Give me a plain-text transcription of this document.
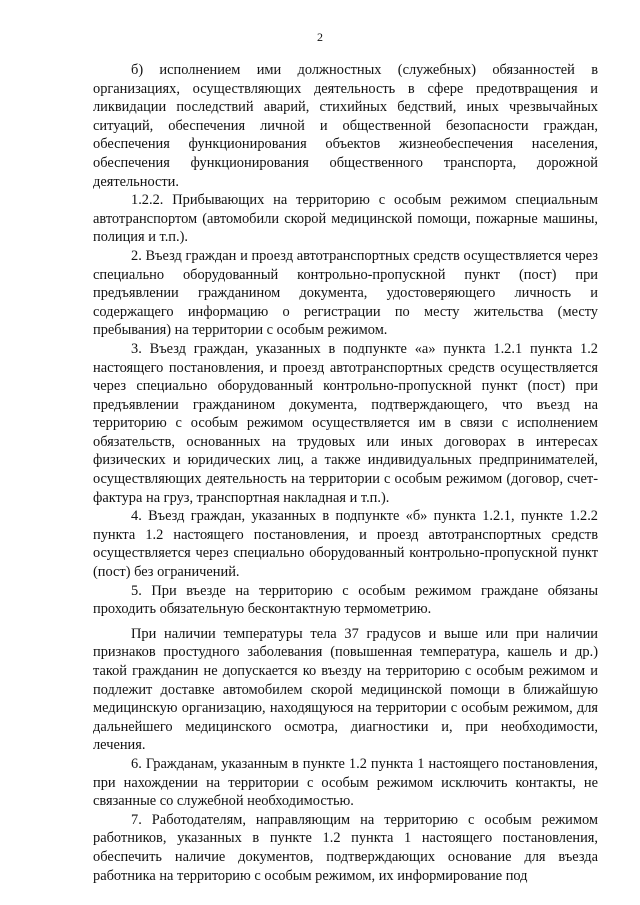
2

б) исполнением ими должностных (служебных) обязанностей в организациях, осуществляющих деятельность в сфере предотвращения и ликвидации последствий аварий, стихийных бедствий, иных чрезвычайных ситуаций, обеспечения личной и общественной безопасности граждан, обеспечения функционирования объектов жизнеобеспечения населения, обеспечения функционирования общественного транспорта, дорожной деятельности.

1.2.2. Прибывающих на территорию с особым режимом специальным автотранспортом (автомобили скорой медицинской помощи, пожарные машины, полиция и т.п.).

2. Въезд граждан и проезд автотранспортных средств осуществляется через специально оборудованный контрольно-пропускной пункт (пост) при предъявлении гражданином документа, удостоверяющего личность и содержащего информацию о регистрации по месту жительства (месту пребывания) на территории с особым режимом.

3. Въезд граждан, указанных в подпункте «а» пункта 1.2.1 пункта 1.2 настоящего постановления, и проезд автотранспортных средств осуществляется через специально оборудованный контрольно-пропускной пункт (пост) при предъявлении гражданином документа, подтверждающего, что въезд на территорию с особым режимом осуществляется им в связи с исполнением обязательств, основанных на трудовых или иных договорах в интересах физических и юридических лиц, а также индивидуальных предпринимателей, осуществляющих деятельность на территории с особым режимом (договор, счет-фактура на груз, транспортная накладная и т.п.).

4. Въезд граждан, указанных в подпункте «б» пункта 1.2.1, пункте 1.2.2 пункта 1.2 настоящего постановления, и проезд автотранспортных средств осуществляется через специально оборудованный контрольно-пропускной пункт (пост) без ограничений.

5. При въезде на территорию с особым режимом граждане обязаны проходить обязательную бесконтактную термометрию.

При наличии температуры тела 37 градусов и выше или при наличии признаков простудного заболевания (повышенная температура, кашель и др.) такой гражданин не допускается ко въезду на территорию с особым режимом и подлежит доставке автомобилем скорой медицинской помощи в ближайшую медицинскую организацию, находящуюся на территории с особым режимом, для дальнейшего медицинского осмотра, диагностики и, при необходимости, лечения.

6. Гражданам, указанным в пункте 1.2 пункта 1 настоящего постановления, при нахождении на территории с особым режимом исключить контакты, не связанные со служебной необходимостью.

7. Работодателям, направляющим на территорию с особым режимом работников, указанных в пункте 1.2 пункта 1 настоящего постановления, обеспечить наличие документов, подтверждающих основание для въезда работника на территорию с особым режимом, их информирование под
